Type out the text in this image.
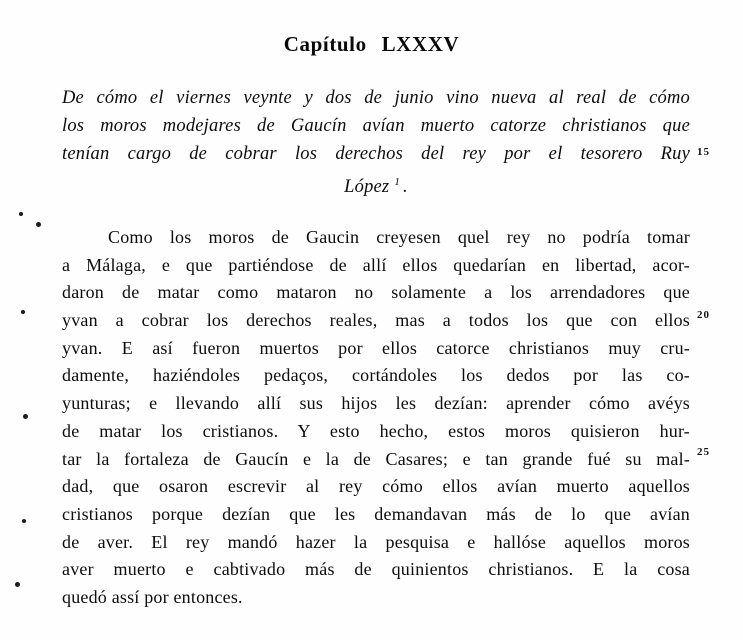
Capítulo LXXXV
De cómo el viernes veynte y dos de junio vino nueva al real de cómo
los moros modejares de Gaucín avían muerto catorze christianos que
tenían cargo de cobrar los derechos del rey por el tesorero Ruy
López $^1$ .
15
20
25
Como los moros de Gaucin creyesen quel rey no podría tomar
a Málaga, e que partiéndose de allí ellos quedarían en libertad, acor-
daron de matar como mataron no solamente a los arrendadores que
yvan a cobrar los derechos reales, mas a todos los que con ellos
yvan. E así fueron muertos por ellos catorce christianos muy cru-
damente, haziéndoles pedaços, cortándoles los dedos por las co-
yunturas; e llevando allí sus hijos les dezían: aprender cómo avéys
de matar los cristianos. Y esto hecho, estos moros quisieron hur-
tar la fortaleza de Gaucín e la de Casares; e tan grande fué su mal-
dad, que osaron escrevir al rey cómo ellos avían muerto aquellos
cristianos porque dezían que les demandavan más de lo que avían
de aver. El rey mandó hazer la pesquisa e hallóse aquellos moros
aver muerto e cabtivado más de quinientos christianos. E la cosa
quedó assí por entonces.
